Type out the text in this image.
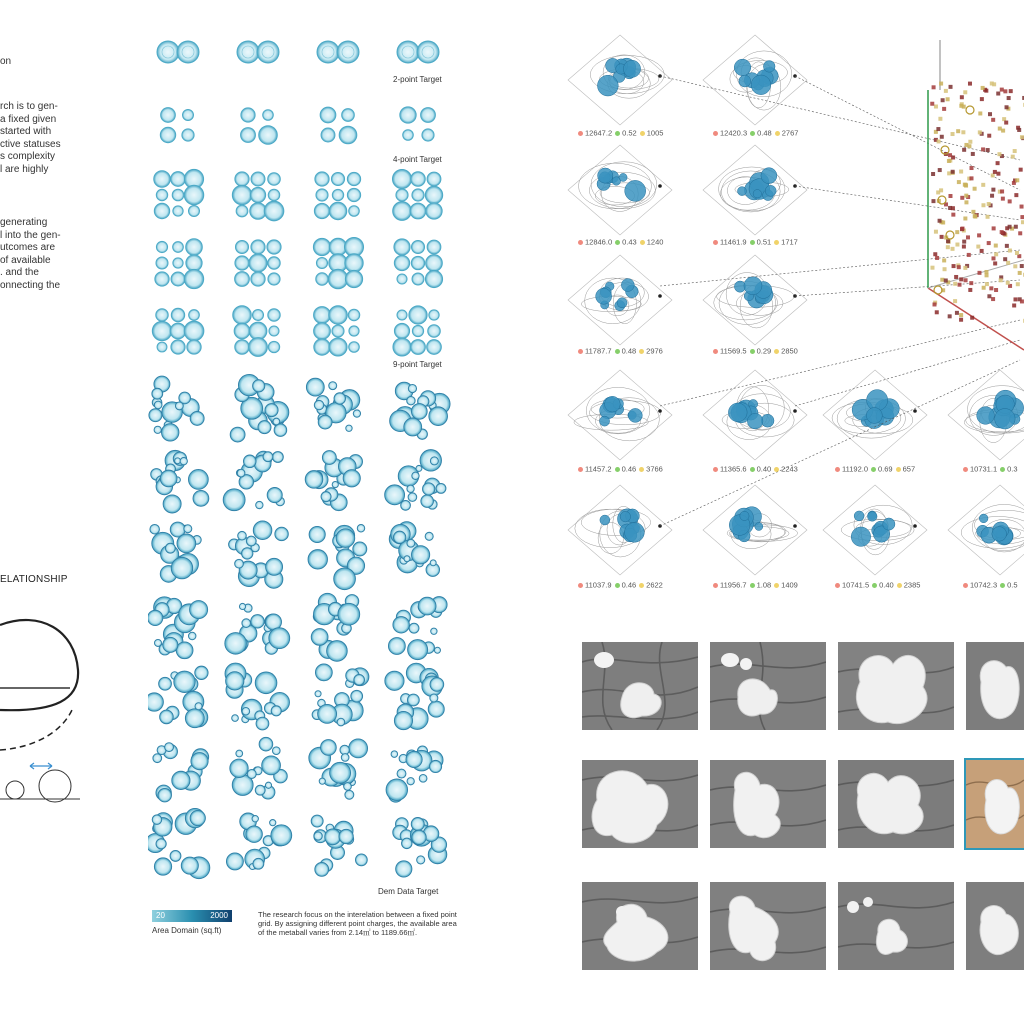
on
rch is to gen-
a fixed given
started with
ctive statuses
s complexity
l are highly
generating
l into the gen-
utcomes are
of available
. and the
onnecting the
ELATIONSHIP
2-point Target
4-point Target
9-point Target
Dem Data Target
20	2000
Area Domain (sq.ft)
The research focus on the interelation between a fixed point grid. By assigning different point charges, the available area of the metaball varies from 2.14㎡ to 1189.66㎡.
12647.2 0.52 1005	12420.3 0.48 2767
12846.0 0.43 1240	11461.9 0.51 1717
11787.7 0.48 2976	11569.5 0.29 2850
11457.2 0.46 3766	11365.6 0.40 2243	11192.0 0.69 657	10731.1 0.3
11037.9 0.46 2622	11956.7 1.08 1409	10741.5 0.40 2385	10742.3 0.5
